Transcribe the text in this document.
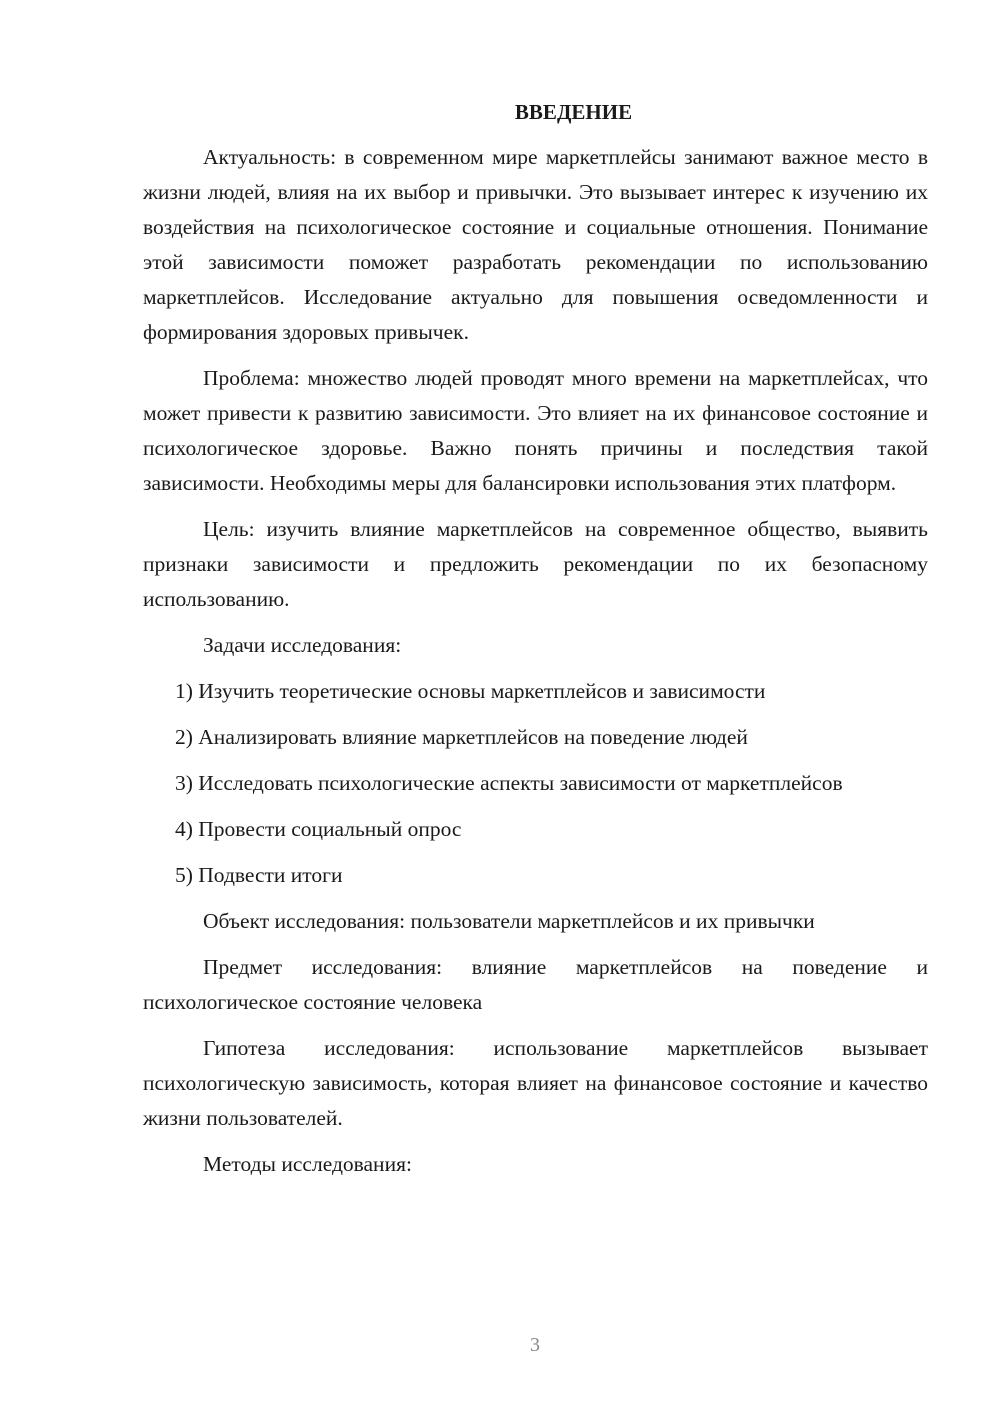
ВВЕДЕНИЕ

Актуальность: в современном мире маркетплейсы занимают важное место в жизни людей, влияя на их выбор и привычки. Это вызывает интерес к изучению их воздействия на психологическое состояние и социальные отношения. Понимание этой зависимости поможет разработать рекомендации по использованию маркетплейсов. Исследование актуально для повышения осведомленности и формирования здоровых привычек.

Проблема: множество людей проводят много времени на маркетплейсах, что может привести к развитию зависимости. Это влияет на их финансовое состояние и психологическое здоровье. Важно понять причины и последствия такой зависимости. Необходимы меры для балансировки использования этих платформ.

Цель: изучить влияние маркетплейсов на современное общество, выявить признаки зависимости и предложить рекомендации по их безопасному использованию.

Задачи исследования:

1) Изучить теоретические основы маркетплейсов и зависимости

2) Анализировать влияние маркетплейсов на поведение людей

3) Исследовать психологические аспекты зависимости от маркетплейсов

4) Провести социальный опрос

5) Подвести итоги

Объект исследования: пользователи маркетплейсов и их привычки

Предмет исследования: влияние маркетплейсов на поведение и психологическое состояние человека

Гипотеза исследования: использование маркетплейсов вызывает психологическую зависимость, которая влияет на финансовое состояние и качество жизни пользователей.

Методы исследования:

3
